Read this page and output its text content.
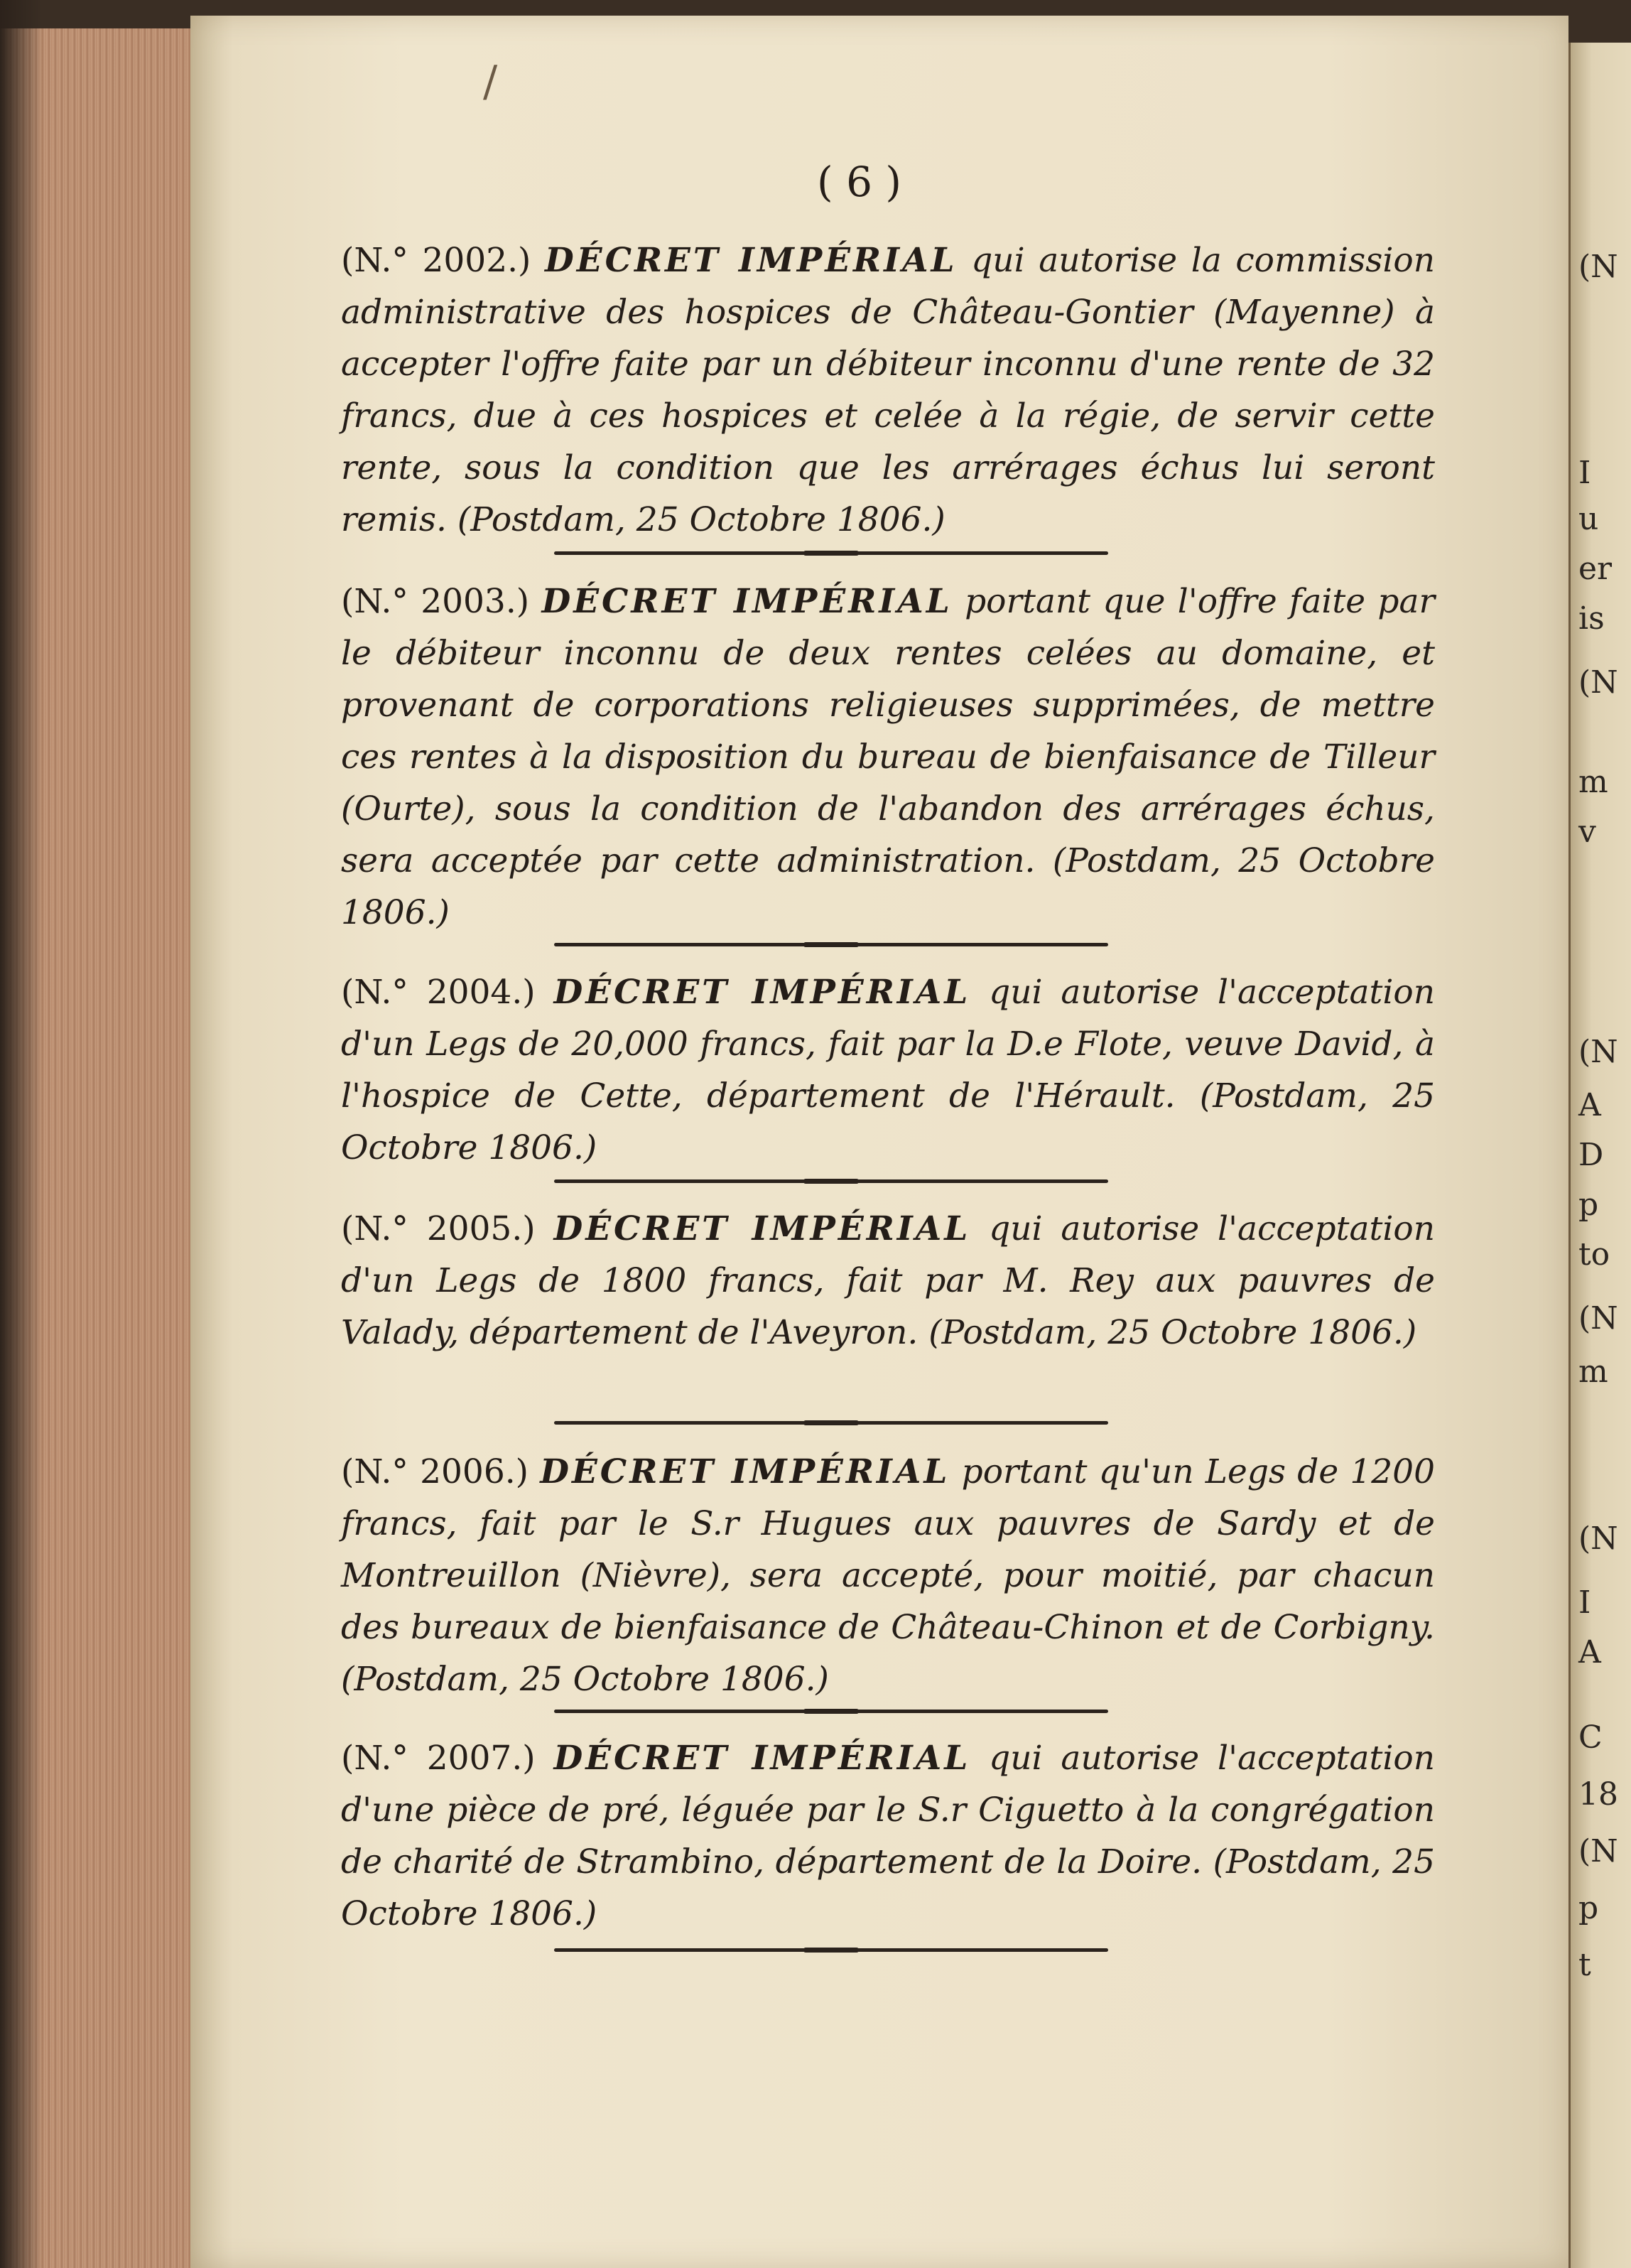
( 6 )
/
(N.° 2002.) DÉCRET IMPÉRIAL qui autorise la commission administrative des hospices de Château-Gontier (Mayenne) à accepter l'offre faite par un débiteur inconnu d'une rente de 32 francs, due à ces hospices et celée à la régie, de servir cette rente, sous la condition que les arrérages échus lui seront remis. (Postdam, 25 Octobre 1806.)
(N.° 2003.) DÉCRET IMPÉRIAL portant que l'offre faite par le débiteur inconnu de deux rentes celées au domaine, et provenant de corporations religieuses supprimées, de mettre ces rentes à la disposition du bureau de bienfaisance de Tilleur (Ourte), sous la condition de l'abandon des arrérages échus, sera acceptée par cette administration. (Postdam, 25 Octobre 1806.)
(N.° 2004.) DÉCRET IMPÉRIAL qui autorise l'acceptation d'un Legs de 20,000 francs, fait par la D.e Flote, veuve David, à l'hospice de Cette, département de l'Hérault. (Postdam, 25 Octobre 1806.)
(N.° 2005.) DÉCRET IMPÉRIAL qui autorise l'acceptation d'un Legs de 1800 francs, fait par M. Rey aux pauvres de Valady, département de l'Aveyron. (Postdam, 25 Octobre 1806.)
(N.° 2006.) DÉCRET IMPÉRIAL portant qu'un Legs de 1200 francs, fait par le S.r Hugues aux pauvres de Sardy et de Montreuillon (Nièvre), sera accepté, pour moitié, par chacun des bureaux de bienfaisance de Château-Chinon et de Corbigny. (Postdam, 25 Octobre 1806.)
(N.° 2007.) DÉCRET IMPÉRIAL qui autorise l'acceptation d'une pièce de pré, léguée par le S.r Ciguetto à la congrégation de charité de Strambino, département de la Doire. (Postdam, 25 Octobre 1806.)
(N
I
u
er
is
(N
m
v
(N
A
D
p
to
(N
m
(N
I
A
C
18
(N
p
t
